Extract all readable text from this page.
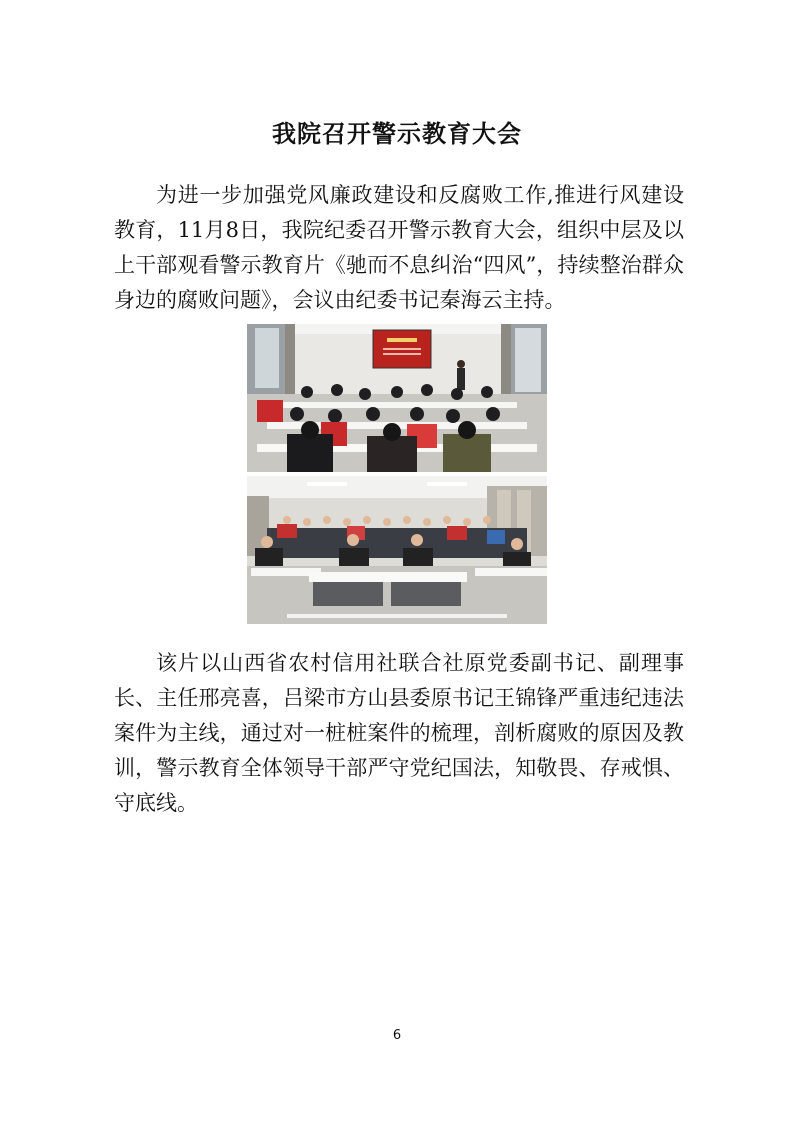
我院召开警示教育大会

为进一步加强党风廉政建设和反腐败工作,推进行风建设教育，11月8日，我院纪委召开警示教育大会，组织中层及以上干部观看警示教育片《驰而不息纠治“四风”，持续整治群众身边的腐败问题》，会议由纪委书记秦海云主持。

该片以山西省农村信用社联合社原党委副书记、副理事长、主任邢亮喜，吕梁市方山县委原书记王锦锋严重违纪违法案件为主线，通过对一桩桩案件的梳理，剖析腐败的原因及教训，警示教育全体领导干部严守党纪国法，知敬畏、存戒惧、守底线。

6
